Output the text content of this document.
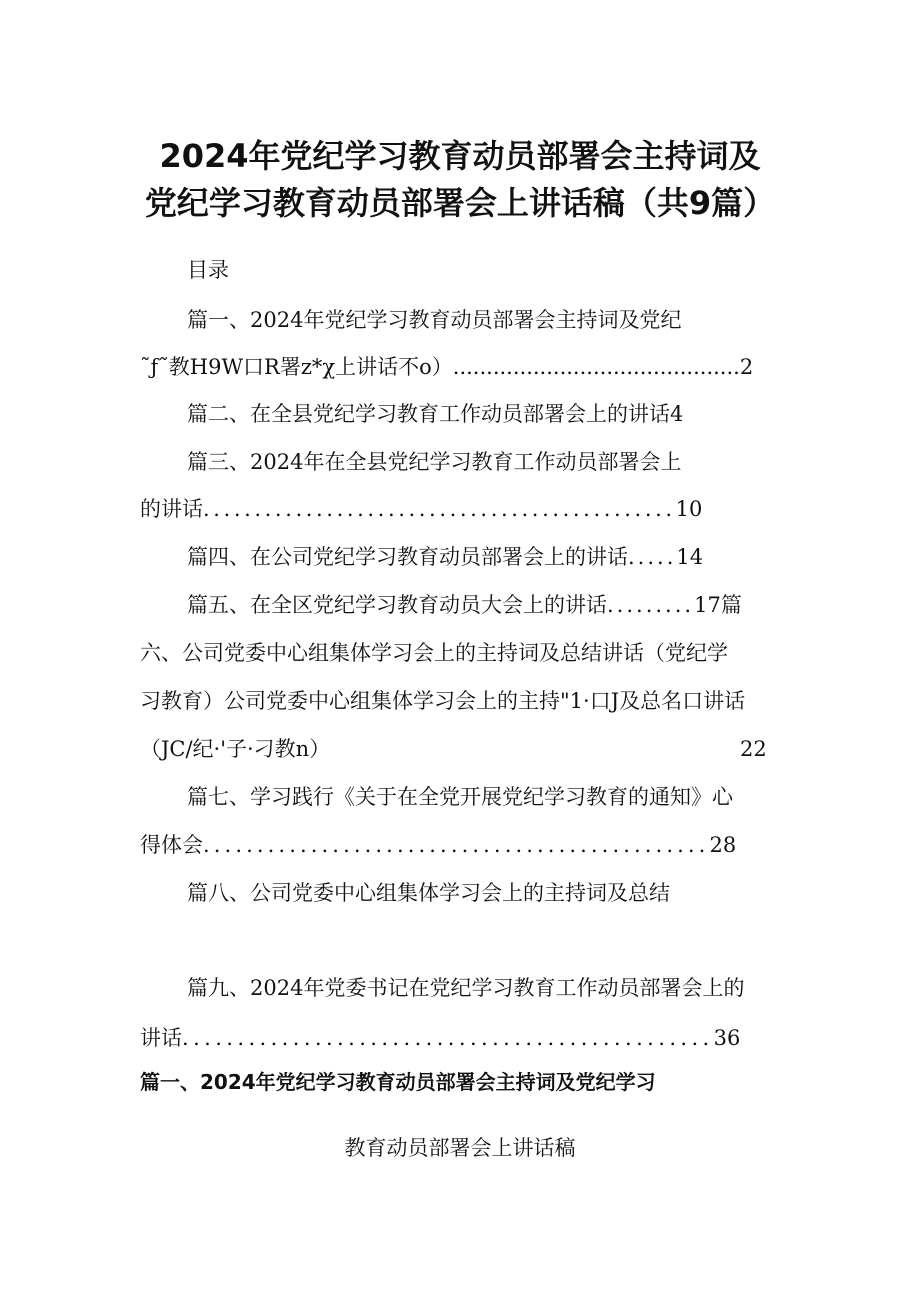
2024年党纪学习教育动员部署会主持词及
党纪学习教育动员部署会上讲话稿（共9篇）
目录
篇一、2024年党纪学习教育动员部署会主持词及党纪
˜ƒ˜教H9W口R署z*χ上讲话不o）...........................................2
篇二、在全县党纪学习教育工作动员部署会上的讲话4
篇三、2024年在全县党纪学习教育工作动员部署会上
的讲话..............................................10
篇四、在公司党纪学习教育动员部署会上的讲话.....14
篇五、在全区党纪学习教育动员大会上的讲话.........17篇
六、公司党委中心组集体学习会上的主持词及总结讲话（党纪学
习教育）公司党委中心组集体学习会上的主持"1·口J及总名口讲话
（JC/纪·'子·刁教n）	22
篇七、学习践行《关于在全党开展党纪学习教育的通知》心
得体会...............................................28
篇八、公司党委中心组集体学习会上的主持词及总结
篇九、2024年党委书记在党纪学习教育工作动员部署会上的
讲话................................................36
篇一、2024年党纪学习教育动员部署会主持词及党纪学习
教育动员部署会上讲话稿
